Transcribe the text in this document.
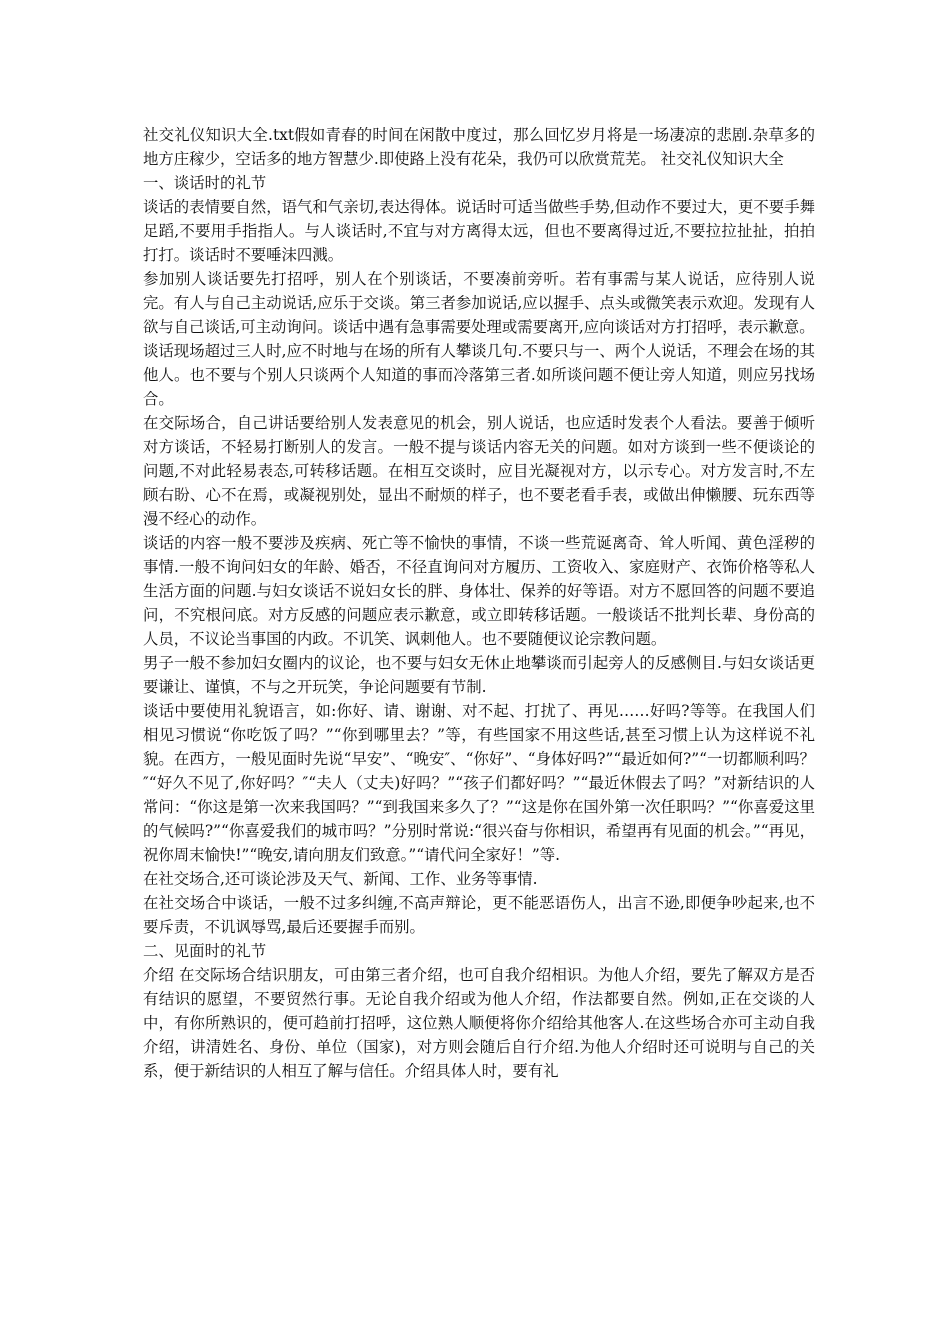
社交礼仪知识大全.txt假如青春的时间在闲散中度过，那么回忆岁月将是一场凄凉的悲剧.杂草多的地方庄稼少，空话多的地方智慧少.即使路上没有花朵，我仍可以欣赏荒芜。 社交礼仪知识大全

一、谈话时的礼节

谈话的表情要自然，语气和气亲切,表达得体。说话时可适当做些手势,但动作不要过大，更不要手舞足蹈,不要用手指指人。与人谈话时,不宜与对方离得太远，但也不要离得过近,不要拉拉扯扯，拍拍打打。谈话时不要唾沫四溅。

参加别人谈话要先打招呼，别人在个别谈话，不要凑前旁听。若有事需与某人说话，应待别人说完。有人与自己主动说话,应乐于交谈。第三者参加说话,应以握手、点头或微笑表示欢迎。发现有人欲与自己谈话,可主动询问。谈话中遇有急事需要处理或需要离开,应向谈话对方打招呼，表示歉意。

谈话现场超过三人时,应不时地与在场的所有人攀谈几句.不要只与一、两个人说话，不理会在场的其他人。也不要与个别人只谈两个人知道的事而冷落第三者.如所谈问题不便让旁人知道，则应另找场合。

在交际场合，自己讲话要给别人发表意见的机会，别人说话，也应适时发表个人看法。要善于倾听对方谈话，不轻易打断别人的发言。一般不提与谈话内容无关的问题。如对方谈到一些不便谈论的问题,不对此轻易表态,可转移话题。在相互交谈时，应目光凝视对方，以示专心。对方发言时,不左顾右盼、心不在焉，或凝视别处，显出不耐烦的样子，也不要老看手表，或做出伸懒腰、玩东西等漫不经心的动作。

谈话的内容一般不要涉及疾病、死亡等不愉快的事情，不谈一些荒诞离奇、耸人听闻、黄色淫秽的事情.一般不询问妇女的年龄、婚否，不径直询问对方履历、工资收入、家庭财产、衣饰价格等私人生活方面的问题.与妇女谈话不说妇女长的胖、身体壮、保养的好等语。对方不愿回答的问题不要追问，不究根问底。对方反感的问题应表示歉意，或立即转移话题。一般谈话不批判长辈、身份高的人员，不议论当事国的内政。不讥笑、讽刺他人。也不要随便议论宗教问题。

男子一般不参加妇女圈内的议论，也不要与妇女无休止地攀谈而引起旁人的反感侧目.与妇女谈话更要谦让、谨慎，不与之开玩笑，争论问题要有节制.

谈话中要使用礼貌语言，如:你好、请、谢谢、对不起、打扰了、再见……好吗?等等。在我国人们相见习惯说“你吃饭了吗？”“你到哪里去？”等，有些国家不用这些话,甚至习惯上认为这样说不礼貌。在西方，一般见面时先说“早安”、“晚安″、“你好”、“身体好吗?”“最近如何?”“一切都顺利吗？″“好久不见了,你好吗？″“夫人（丈夫)好吗？”“孩子们都好吗？”“最近休假去了吗？”对新结识的人常问：“你这是第一次来我国吗？”“到我国来多久了？”“这是你在国外第一次任职吗？”“你喜爱这里的气候吗?”“你喜爱我们的城市吗？”分别时常说:“很兴奋与你相识，希望再有见面的机会。”“再见，祝你周末愉快!”“晚安,请向朋友们致意。”“请代问全家好！”等.

在社交场合,还可谈论涉及天气、新闻、工作、业务等事情.

在社交场合中谈话，一般不过多纠缠,不高声辩论，更不能恶语伤人，出言不逊,即便争吵起来,也不要斥责，不讥讽辱骂,最后还要握手而别。

二、见面时的礼节

介绍 在交际场合结识朋友，可由第三者介绍，也可自我介绍相识。为他人介绍，要先了解双方是否有结识的愿望，不要贸然行事。无论自我介绍或为他人介绍，作法都要自然。例如,正在交谈的人中，有你所熟识的，便可趋前打招呼，这位熟人顺便将你介绍给其他客人.在这些场合亦可主动自我介绍，讲清姓名、身份、单位（国家)，对方则会随后自行介绍.为他人介绍时还可说明与自己的关系，便于新结识的人相互了解与信任。介绍具体人时，要有礼
